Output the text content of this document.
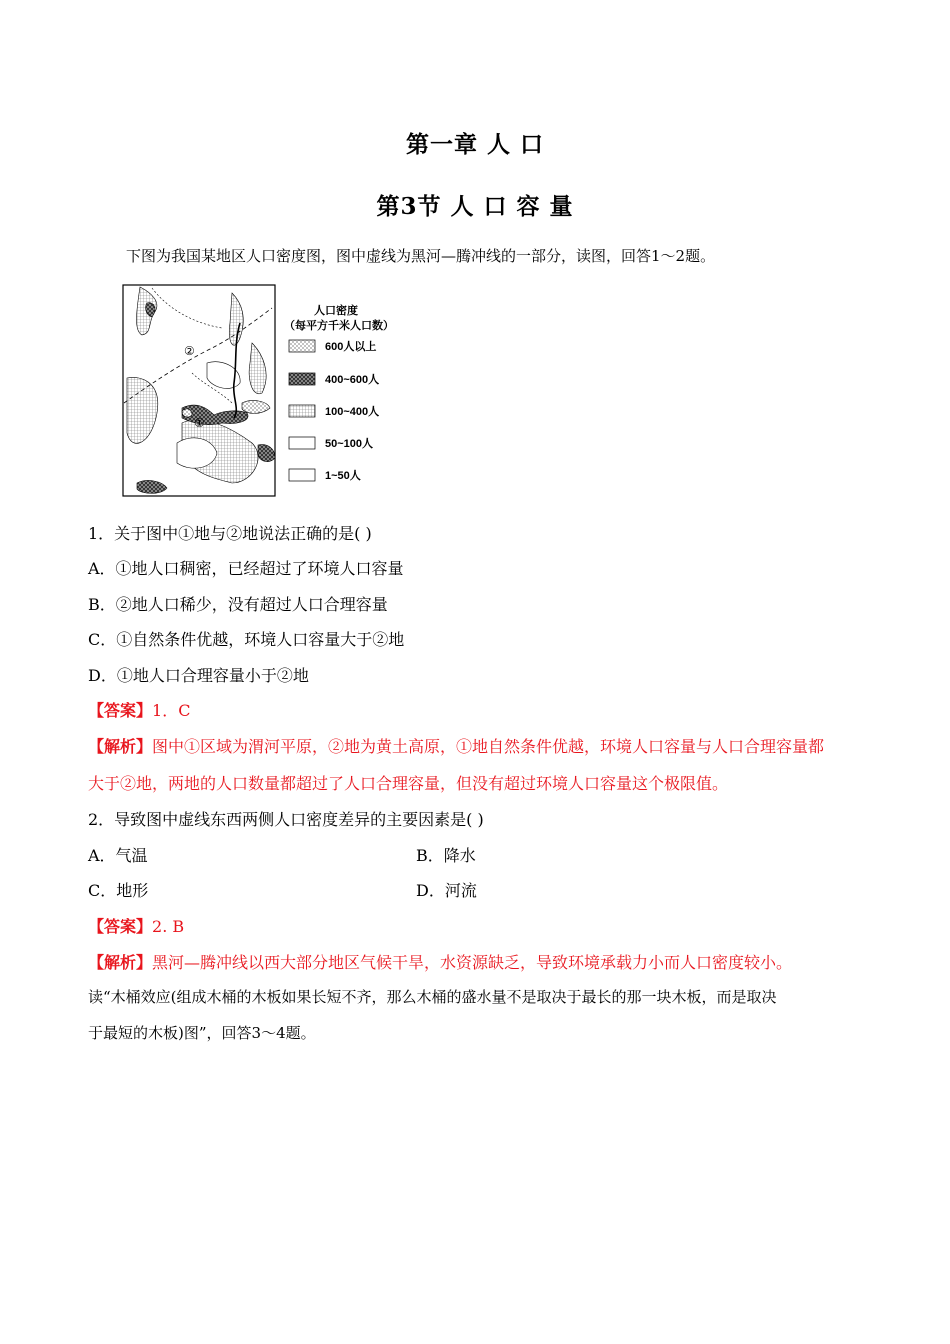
第一章 人 口
第3节 人 口 容 量
下图为我国某地区人口密度图，图中虚线为黑河—腾冲线的一部分，读图，回答1～2题。
①
②
人口密度
（每平方千米人口数）
600人以上
400~600人
100~400人
50~100人
1~50人
1．关于图中①地与②地说法正确的是( )
A．①地人口稠密，已经超过了环境人口容量
B．②地人口稀少，没有超过人口合理容量
C．①自然条件优越，环境人口容量大于②地
D．①地人口合理容量小于②地
【答案】1．C
【解析】图中①区域为渭河平原，②地为黄土高原，①地自然条件优越，环境人口容量与人口合理容量都
大于②地，两地的人口数量都超过了人口合理容量，但没有超过环境人口容量这个极限值。
2．导致图中虚线东西两侧人口密度差异的主要因素是( )
A．气温	B．降水
C．地形	D．河流
【答案】2. B
【解析】黑河—腾冲线以西大部分地区气候干旱，水资源缺乏，导致环境承载力小而人口密度较小。
读“木桶效应(组成木桶的木板如果长短不齐，那么木桶的盛水量不是取决于最长的那一块木板，而是取决
于最短的木板)图”，回答3～4题。
